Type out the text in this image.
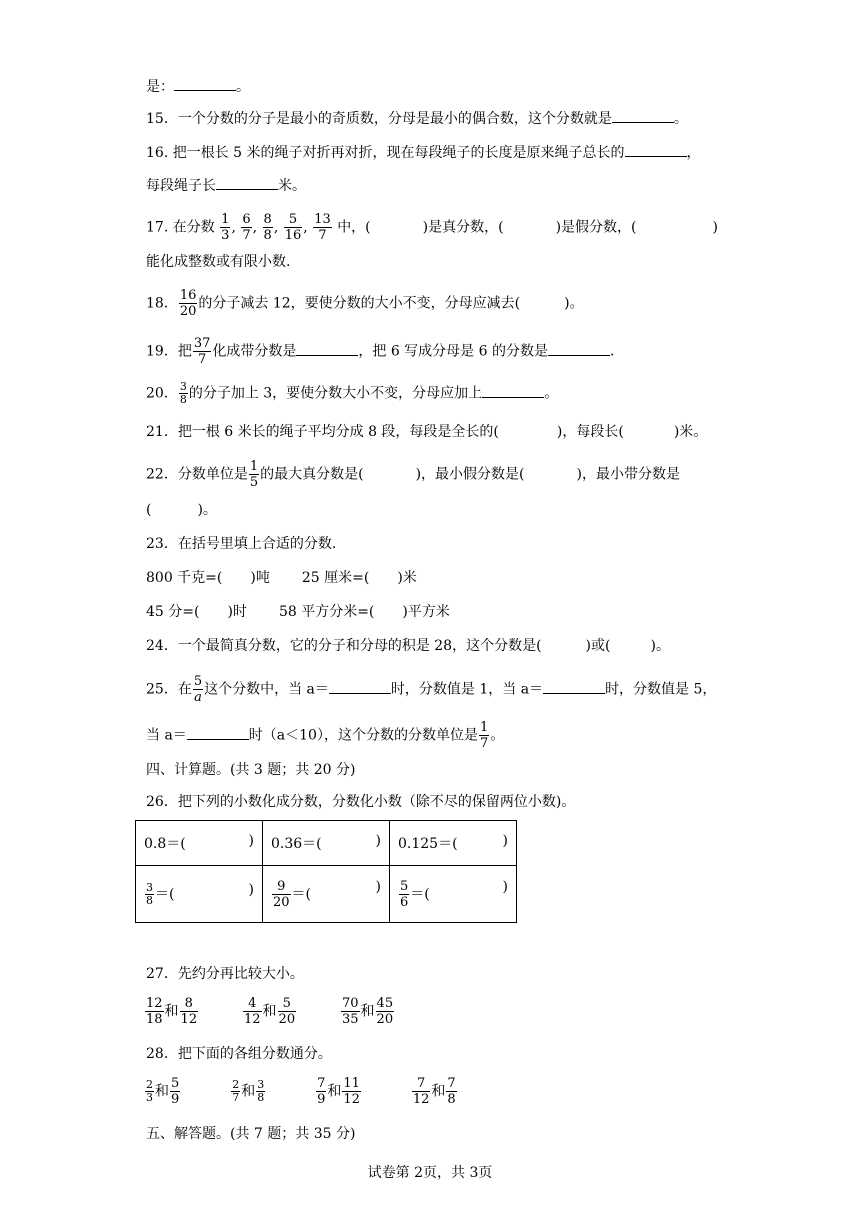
是：	。
15．一个分数的分子是最小的奇质数，分母是最小的偶合数，这个分数就是	。
16. 把一根长 5 米的绳子对折再对折，现在每段绳子的长度是原来绳子总长的	，
每段绳子长	米。
17. 在分数 $\frac{1}{3}$ , $\frac{6}{7}$ , $\frac{8}{8}$ , $\frac{5}{16}$ , $\frac{13}{7}$ 中，(	)是真分数，(	)是假分数，(	)
能化成整数或有限小数.
18． $\frac{16}{20}$ 的分子减去 12，要使分数的大小不变，分母应减去(	)。
19．把 $\frac{37}{7}$ 化成带分数是	，把 6 写成分母是 6 的分数是	.
20． $\frac{3}{8}$ 的分子加上 3，要使分数大小不变，分母应加上	。
21．把一根 6 米长的绳子平均分成 8 段，每段是全长的(	)，每段长(	)米。
22．分数单位是 $\frac{1}{5}$ 的最大真分数是(	)，最小假分数是(	)，最小带分数是
(	)。
23．在括号里填上合适的分数.
800 千克=( )吨 25 厘米=( )米
45 分=( )时 58 平方分米=( )平方米
24．一个最简真分数，它的分子和分母的积是 28，这个分数是(	)或(	)。
25．在 $\frac{5}{a}$ 这个分数中，当 a＝	时，分数值是 1，当 a＝	时，分数值是 5，
当 a＝	时（a＜10），这个分数的分数单位是 $\frac{1}{7}$ 。
四、计算题。(共 3 题；共 20 分)
26．把下列的小数化成分数，分数化小数（除不尽的保留两位小数)。
0.8＝( )	0.36＝( )	0.125＝( )

$\frac{3}{8}$ ＝( )	$\frac{9}{20}$ ＝( )	$\frac{5}{6}$ ＝( )
27．先约分再比较大小。
$\frac{12}{18}$ 和 $\frac{8}{12}$
	$\frac{4}{12}$ 和 $\frac{5}{20}$
	$\frac{70}{35}$ 和 $\frac{45}{20}$
28．把下面的各组分数通分。
$\frac{2}{3}$ 和 $\frac{5}{9}$
	$\frac{2}{7}$ 和 $\frac{3}{8}$
	$\frac{7}{9}$ 和 $\frac{11}{12}$
	$\frac{7}{12}$ 和 $\frac{7}{8}$
五、解答题。(共 7 题；共 35 分)
试卷第 2页，共 3页
